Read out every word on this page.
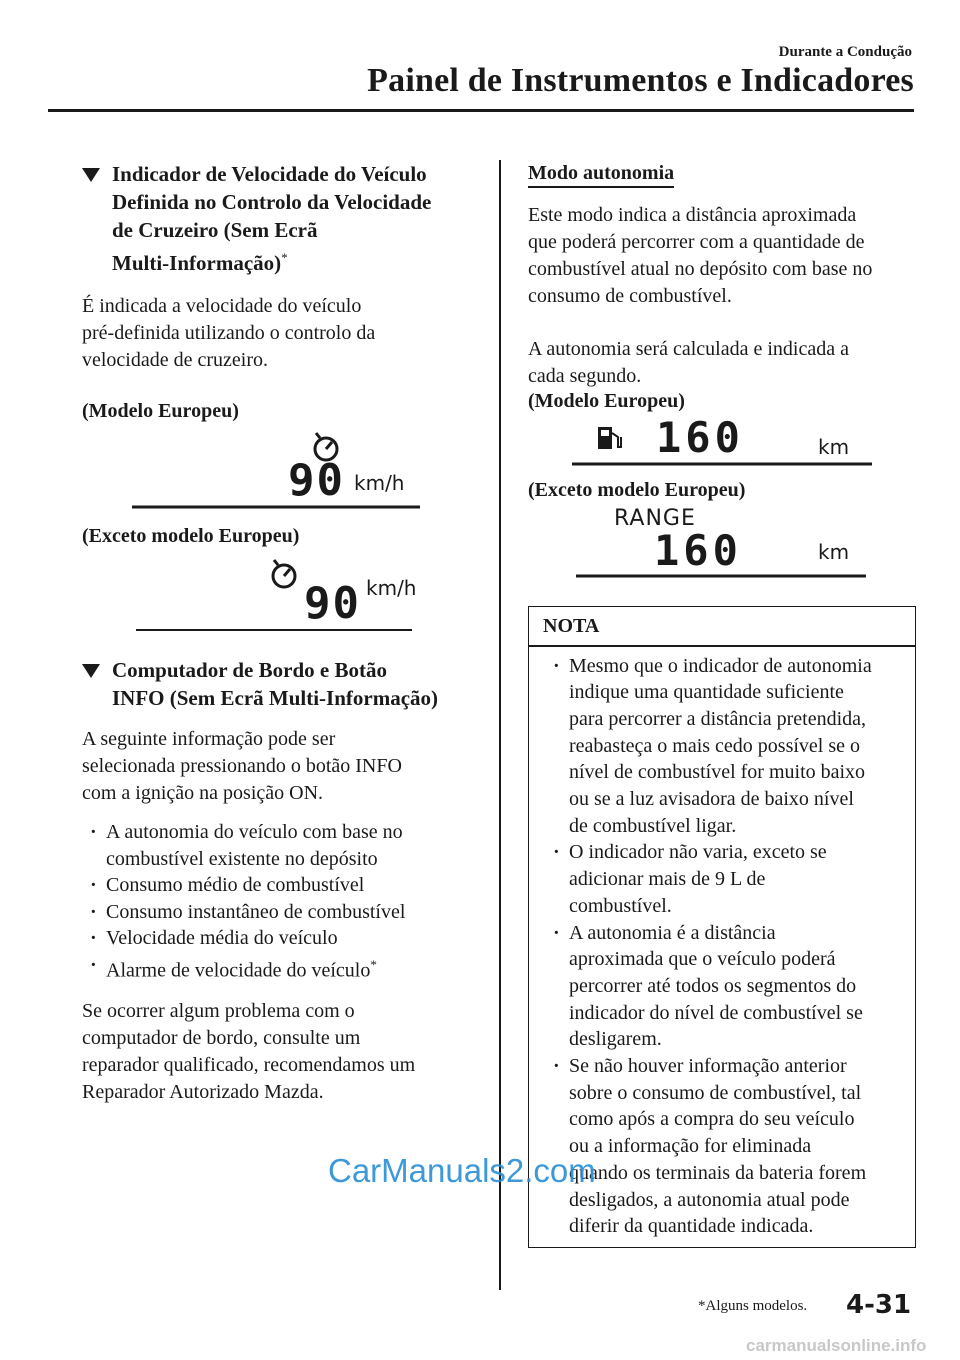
Durante a Condução
Painel de Instrumentos e Indicadores
Indicador de Velocidade do Veículo
Definida no Controlo da Velocidade
de Cruzeiro (Sem Ecrã
Multi-Informação)*
É indicada a velocidade do veículo
pré-definida utilizando o controlo da
velocidade de cruzeiro.
(Modelo Europeu)
90 km/h
(Exceto modelo Europeu)
90 km/h
Computador de Bordo e Botão
INFO (Sem Ecrã Multi-Informação)
A seguinte informação pode ser
selecionada pressionando o botão INFO
com a ignição na posição ON.
· A autonomia do veículo com base no
combustível existente no depósito
· Consumo médio de combustível
· Consumo instantâneo de combustível
· Velocidade média do veículo
· Alarme de velocidade do veículo*
Se ocorrer algum problema com o
computador de bordo, consulte um
reparador qualificado, recomendamos um
Reparador Autorizado Mazda.
Modo autonomia
Este modo indica a distância aproximada
que poderá percorrer com a quantidade de
combustível atual no depósito com base no
consumo de combustível.
A autonomia será calculada e indicada a
cada segundo.
(Modelo Europeu)
160	km
(Exceto modelo Europeu)
RANGE
160	km
NOTA
· Mesmo que o indicador de autonomia
indique uma quantidade suficiente
para percorrer a distância pretendida,
reabasteça o mais cedo possível se o
nível de combustível for muito baixo
ou se a luz avisadora de baixo nível
de combustível ligar.
· O indicador não varia, exceto se
adicionar mais de 9 L de
combustível.
· A autonomia é a distância
aproximada que o veículo poderá
percorrer até todos os segmentos do
indicador do nível de combustível se
desligarem.
· Se não houver informação anterior
sobre o consumo de combustível, tal
como após a compra do seu veículo
ou a informação for eliminada
quando os terminais da bateria forem
desligados, a autonomia atual pode
diferir da quantidade indicada.
CarManuals2.com
*Alguns modelos. 4-31
carmanualsonline.info
